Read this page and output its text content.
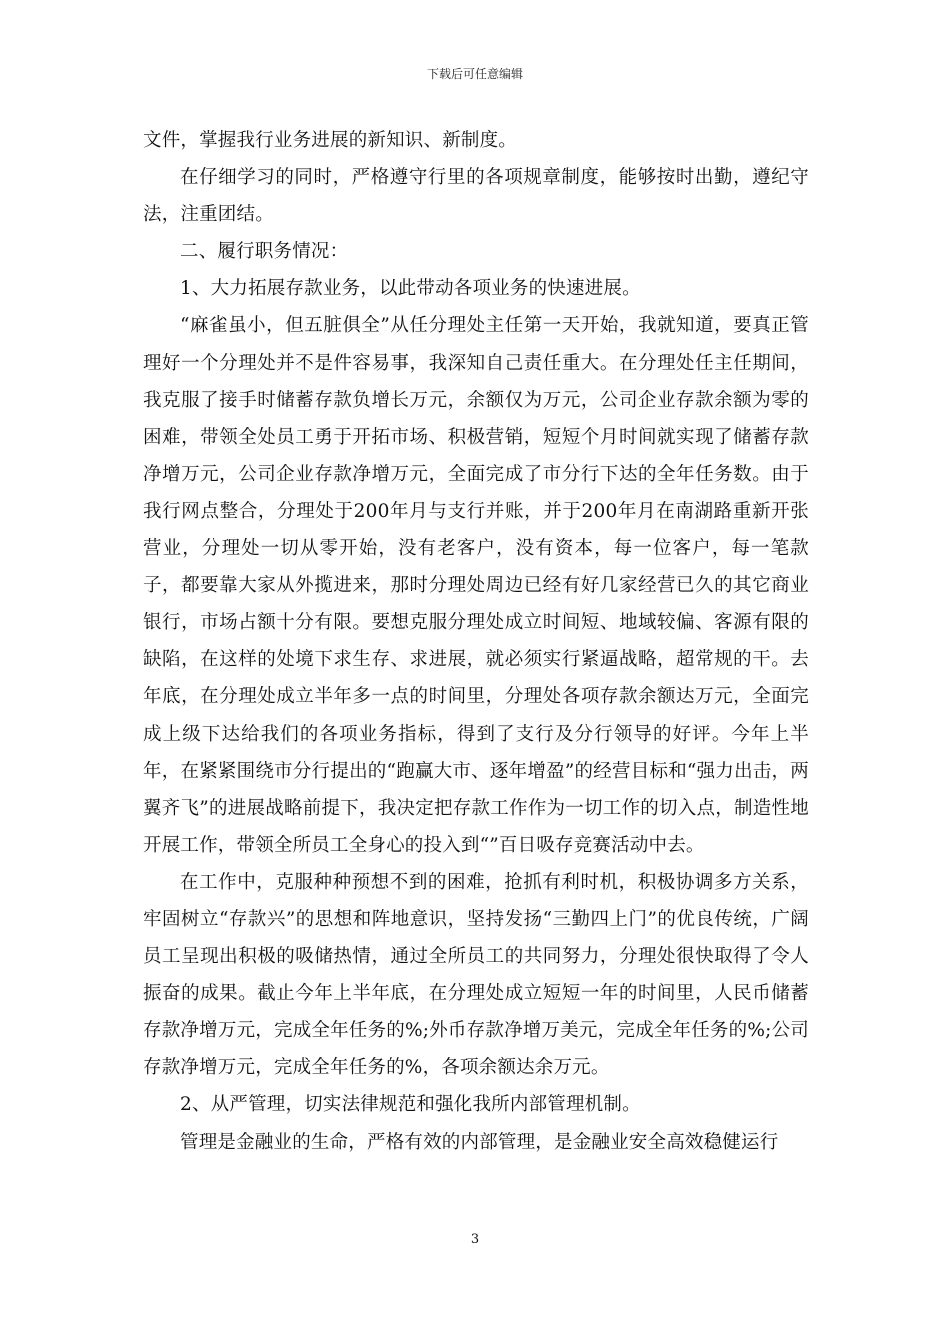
下载后可任意编辑

文件，掌握我行业务进展的新知识、新制度。

在仔细学习的同时，严格遵守行里的各项规章制度，能够按时出勤，遵纪守法，注重团结。

二、履行职务情况：

1、大力拓展存款业务，以此带动各项业务的快速进展。

“麻雀虽小，但五脏俱全”从任分理处主任第一天开始，我就知道，要真正管理好一个分理处并不是件容易事，我深知自己责任重大。在分理处任主任期间，我克服了接手时储蓄存款负增长万元，余额仅为万元，公司企业存款余额为零的困难，带领全处员工勇于开拓市场、积极营销，短短个月时间就实现了储蓄存款净增万元，公司企业存款净增万元，全面完成了市分行下达的全年任务数。由于我行网点整合，分理处于200年月与支行并账，并于200年月在南湖路重新开张营业，分理处一切从零开始，没有老客户，没有资本，每一位客户，每一笔款子，都要靠大家从外揽进来，那时分理处周边已经有好几家经营已久的其它商业银行，市场占额十分有限。要想克服分理处成立时间短、地域较偏、客源有限的缺陷，在这样的处境下求生存、求进展，就必须实行紧逼战略，超常规的干。去年底，在分理处成立半年多一点的时间里，分理处各项存款余额达万元，全面完成上级下达给我们的各项业务指标，得到了支行及分行领导的好评。今年上半年，在紧紧围绕市分行提出的“跑赢大市、逐年增盈”的经营目标和“强力出击，两翼齐飞”的进展战略前提下，我决定把存款工作作为一切工作的切入点，制造性地开展工作，带领全所员工全身心的投入到“”百日吸存竞赛活动中去。

在工作中，克服种种预想不到的困难，抢抓有利时机，积极协调多方关系，牢固树立“存款兴”的思想和阵地意识，坚持发扬“三勤四上门”的优良传统，广阔员工呈现出积极的吸储热情，通过全所员工的共同努力，分理处很快取得了令人振奋的成果。截止今年上半年底，在分理处成立短短一年的时间里，人民币储蓄存款净增万元，完成全年任务的%;外币存款净增万美元，完成全年任务的%;公司存款净增万元，完成全年任务的%，各项余额达余万元。

2、从严管理，切实法律规范和强化我所内部管理机制。

管理是金融业的生命，严格有效的内部管理，是金融业安全高效稳健运行

3
